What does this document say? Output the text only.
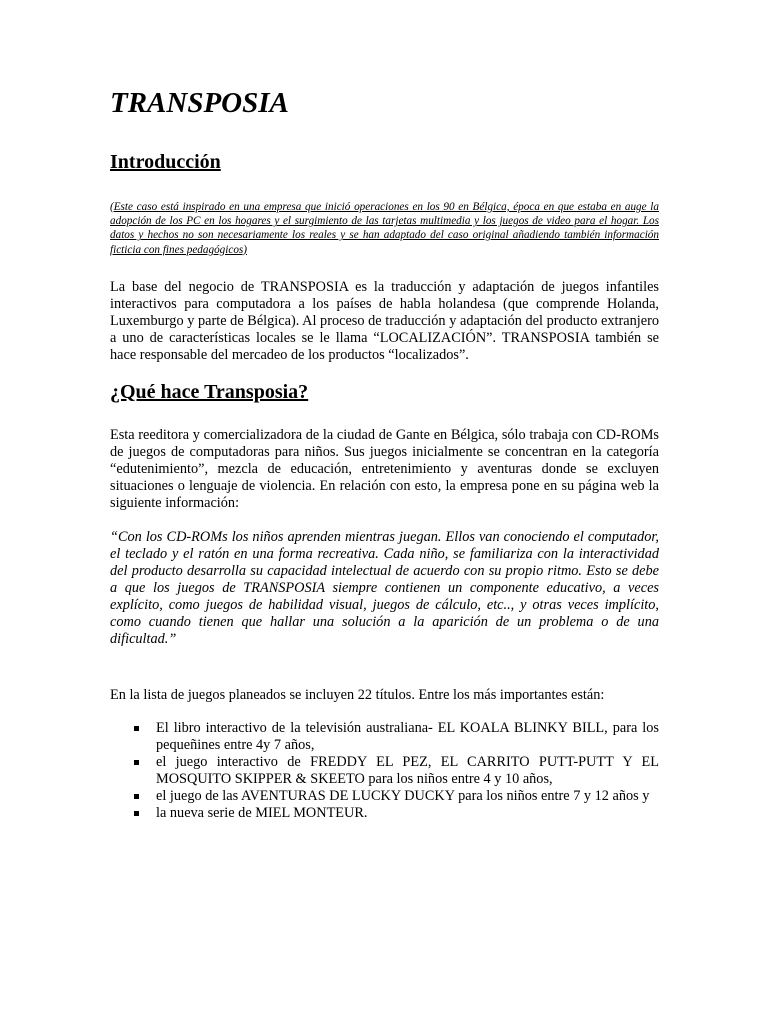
TRANSPOSIA
Introducción

(Este caso está inspirado en una empresa que inició operaciones en los 90 en Bélgica, época en que estaba en auge la adopción de los PC en los hogares y el surgimiento de las tarjetas multimedia y los juegos de video para el hogar. Los datos y hechos no son necesariamente los reales y se han adaptado del caso original añadiendo también información ficticia con fines pedagógicos)

La base del negocio de TRANSPOSIA es la traducción y adaptación de juegos infantiles interactivos para computadora a los países de habla holandesa (que comprende Holanda, Luxemburgo y parte de Bélgica). Al proceso de traducción y adaptación del producto extranjero a uno de características locales se le llama “LOCALIZACIÓN”. TRANSPOSIA también se hace responsable del mercadeo de los productos “localizados”.

¿Qué hace Transposia?

Esta reeditora y comercializadora de la ciudad de Gante en Bélgica, sólo trabaja con CD-ROMs de juegos de computadoras para niños. Sus juegos inicialmente se concentran en la categoría “edutenimiento”, mezcla de educación, entretenimiento y aventuras donde se excluyen situaciones o lenguaje de violencia. En relación con esto, la empresa pone en su página web la siguiente información:

“Con los CD-ROMs los niños aprenden mientras juegan. Ellos van conociendo el computador, el teclado y el ratón en una forma recreativa. Cada niño, se familiariza con la interactividad del producto desarrolla su capacidad intelectual de acuerdo con su propio ritmo. Esto se debe a que los juegos de TRANSPOSIA siempre contienen un componente educativo, a veces explícito, como juegos de habilidad visual, juegos de cálculo, etc.., y otras veces implícito, como cuando tienen que hallar una solución a la aparición de un problema o de una dificultad.”

En la lista de juegos planeados se incluyen 22 títulos. Entre los más importantes están:

El libro interactivo de la televisión australiana- EL KOALA BLINKY BILL, para los pequeñines entre 4y 7 años,
el juego interactivo de FREDDY EL PEZ, EL CARRITO PUTT-PUTT Y EL MOSQUITO SKIPPER & SKEETO para los niños entre 4 y 10 años,
el juego de las AVENTURAS DE LUCKY DUCKY para los niños entre 7 y 12 años y
la nueva serie de MIEL MONTEUR.
